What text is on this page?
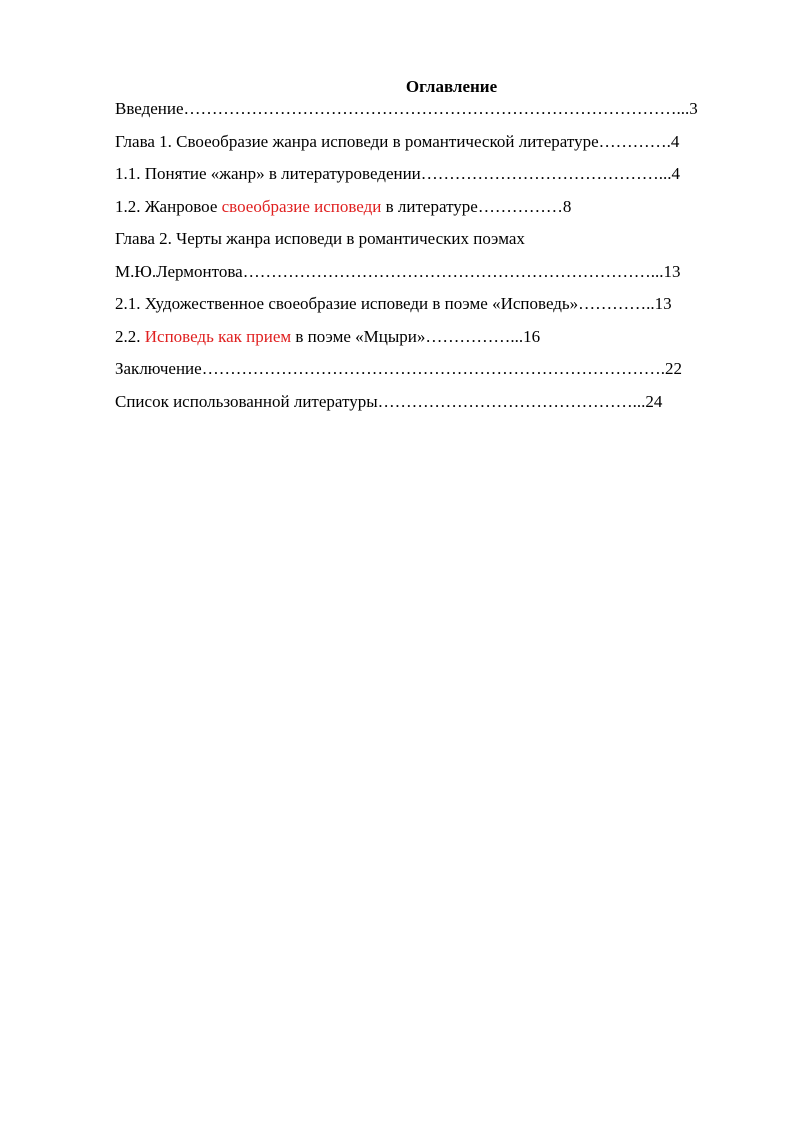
Оглавление
Введение……………………………………………………………………………...3
Глава 1. Своеобразие жанра исповеди в романтической литературе………….4
1.1. Понятие «жанр» в литературоведении……………………………………...4
1.2. Жанровое своеобразие исповеди в литературе……………8
Глава 2. Черты жанра исповеди в романтических поэмах
М.Ю.Лермонтова………………………………………………………………...13
2.1. Художественное своеобразие исповеди в поэме «Исповедь»…………..13
2.2. Исповедь как прием в поэме «Мцыри»……………...16
Заключение……………………………………………………………………….22
Список использованной литературы………………………………………...24
